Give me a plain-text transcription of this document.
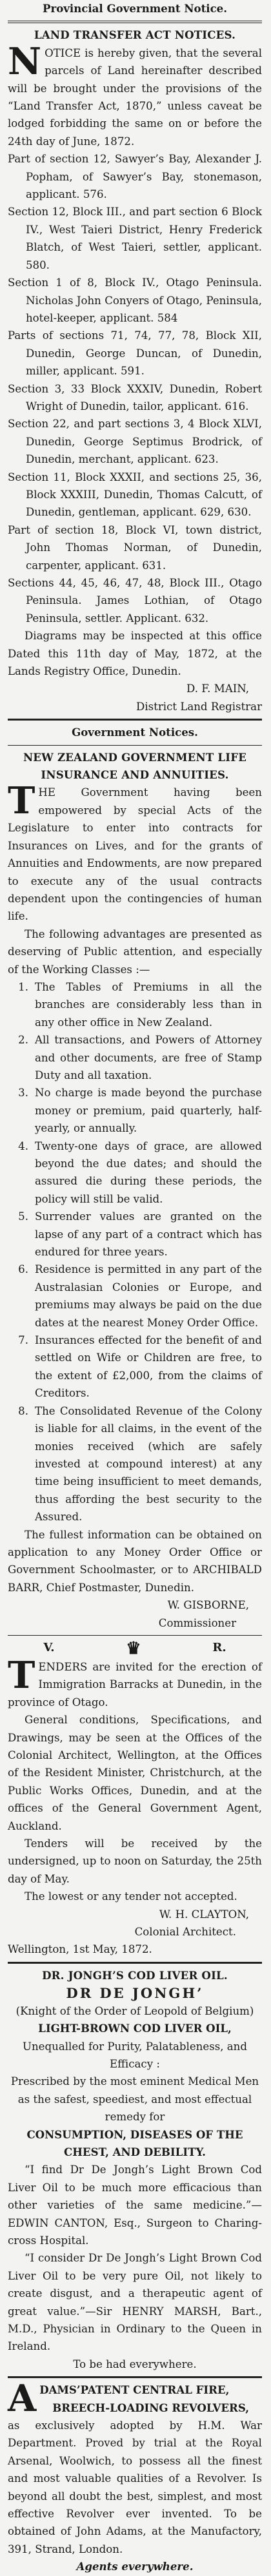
Provincial Government Notice.
LAND TRANSFER ACT NOTICES.

NOTICE is hereby given, that the several parcels of Land hereinafter described will be brought under the provisions of the “Land Transfer Act, 1870,” unless caveat be lodged forbidding the same on or before the 24th day of June, 1872.

Part of section 12, Sawyer’s Bay, Alexander J. Popham, of Sawyer’s Bay, stonemason, applicant. 576.

Section 12, Block III., and part section 6 Block IV., West Taieri District, Henry Frederick Blatch, of West Taieri, settler, applicant. 580.

Section 1 of 8, Block IV., Otago Peninsula. Nicholas John Conyers of Otago, Peninsula, hotel-keeper, applicant. 584

Parts of sections 71, 74, 77, 78, Block XII, Dunedin, George Duncan, of Dunedin, miller, applicant. 591.

Section 3, 33 Block XXXIV, Dunedin, Robert Wright of Dunedin, tailor, applicant. 616.

Section 22, and part sections 3, 4 Block XLVI, Dunedin, George Septimus Brodrick, of Dunedin, merchant, applicant. 623.

Section 11, Block XXXII, and sections 25, 36, Block XXXIII, Dunedin, Thomas Calcutt, of Dunedin, gentleman, applicant. 629, 630.

Part of section 18, Block VI, town district, John Thomas Norman, of Dunedin, carpenter, applicant. 631.

Sections 44, 45, 46, 47, 48, Block III., Otago Peninsula. James Lothian, of Otago Peninsula, settler. Applicant. 632.

Diagrams may be inspected at this office Dated this 11th day of May, 1872, at the Lands Registry Office, Dunedin.

D. F. MAIN,
District Land Registrar
Government Notices.
NEW ZEALAND GOVERNMENT LIFE INSURANCE AND ANNUITIES.

THE Government having been empowered by special Acts of the Legislature to enter into contracts for Insurances on Lives, and for the grants of Annuities and Endowments, are now prepared to execute any of the usual contracts dependent upon the contingencies of human life.

The following advantages are presented as deserving of Public attention, and especially of the Working Classes :—

1. The Tables of Premiums in all the branches are considerably less than in any other office in New Zealand.
2. All transactions, and Powers of Attorney and other documents, are free of Stamp Duty and all taxation.
3. No charge is made beyond the purchase money or premium, paid quarterly, half-yearly, or annually.
4. Twenty-one days of grace, are allowed beyond the due dates; and should the assured die during these periods, the policy will still be valid.
5. Surrender values are granted on the lapse of any part of a contract which has endured for three years.
6. Residence is permitted in any part of the Australasian Colonies or Europe, and premiums may always be paid on the due dates at the nearest Money Order Office.
7. Insurances effected for the benefit of and settled on Wife or Children are free, to the extent of £2,000, from the claims of Creditors.
8. The Consolidated Revenue of the Colony is liable for all claims, in the event of the monies received (which are safely invested at compound interest) at any time being insufficient to meet demands, thus affording the best security to the Assured.

The fullest information can be obtained on application to any Money Order Office or Government Schoolmaster, or to ARCHIBALD BARR, Chief Postmaster, Dunedin.

W. GISBORNE,
Commissioner
V.	♛	R.

TENDERS are invited for the erection of Immigration Barracks at Dunedin, in the province of Otago.

General conditions, Specifications, and Drawings, may be seen at the Offices of the Colonial Architect, Wellington, at the Offices of the Resident Minister, Christchurch, at the Public Works Offices, Dunedin, and at the offices of the General Government Agent, Auckland.

Tenders will be received by the undersigned, up to noon on Saturday, the 25th day of May.

The lowest or any tender not accepted.

W. H. CLAYTON,
Colonial Architect.
Wellington, 1st May, 1872.
DR. JONGH’S COD LIVER OIL.
DR DE JONGH’
(Knight of the Order of Leopold of Belgium)
LIGHT-BROWN COD LIVER OIL,
Unequalled for Purity, Palatableness, and Efficacy :
Prescribed by the most eminent Medical Men as the safest, speediest, and most effectual remedy for
CONSUMPTION, DISEASES OF THE CHEST, AND DEBILITY.

“I find Dr De Jongh’s Light Brown Cod Liver Oil to be much more efficacious than other varieties of the same medicine.”—EDWIN CANTON, Esq., Surgeon to Charing-cross Hospital.

“I consider Dr De Jongh’s Light Brown Cod Liver Oil to be very pure Oil, not likely to create disgust, and a therapeutic agent of great value.”—Sir HENRY MARSH, Bart., M.D., Physician in Ordinary to the Queen in Ireland.

To be had everywhere.

ADAMS’PATENT CENTRAL FIRE,

BREECH-LOADING REVOLVERS,

as exclusively adopted by H.M. War Department. Proved by trial at the Royal Arsenal, Woolwich, to possess all the finest and most valuable qualities of a Revolver. Is beyond all doubt the best, simplest, and most effective Revolver ever invented. To be obtained of John Adams, at the Manufactory, 391, Strand, London.

Agents everywhere.
